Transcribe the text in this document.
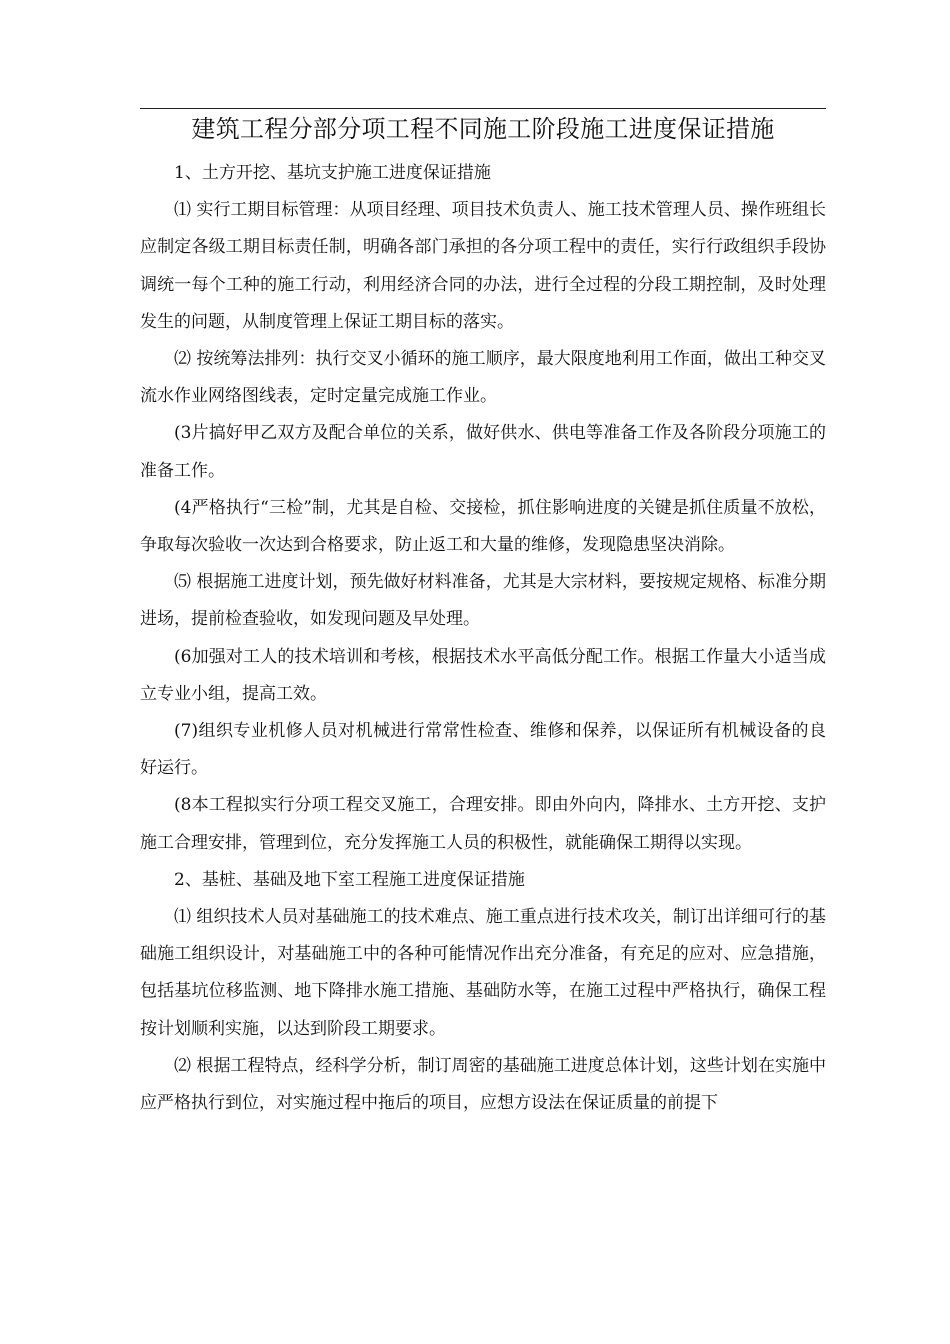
建筑工程分部分项工程不同施工阶段施工进度保证措施

1、土方开挖、基坑支护施工进度保证措施

⑴ 实行工期目标管理：从项目经理、项目技术负责人、施工技术管理人员、操作班组长应制定各级工期目标责任制，明确各部门承担的各分项工程中的责任，实行行政组织手段协调统一每个工种的施工行动，利用经济合同的办法，进行全过程的分段工期控制，及时处理发生的问题，从制度管理上保证工期目标的落实。

⑵ 按统筹法排列：执行交叉小循环的施工顺序，最大限度地利用工作面，做出工种交叉流水作业网络图线表，定时定量完成施工作业。

(3片搞好甲乙双方及配合单位的关系，做好供水、供电等准备工作及各阶段分项施工的准备工作。

(4严格执行“三检”制，尤其是自检、交接检，抓住影响进度的关键是抓住质量不放松，争取每次验收一次达到合格要求，防止返工和大量的维修，发现隐患坚决消除。

⑸ 根据施工进度计划，预先做好材料准备，尤其是大宗材料，要按规定规格、标准分期进场，提前检查验收，如发现问题及早处理。

(6加强对工人的技术培训和考核，根据技术水平高低分配工作。根据工作量大小适当成立专业小组，提高工效。

(7)组织专业机修人员对机械进行常常性检查、维修和保养，以保证所有机械设备的良好运行。

(8本工程拟实行分项工程交叉施工，合理安排。即由外向内，降排水、土方开挖、支护施工合理安排，管理到位，充分发挥施工人员的积极性，就能确保工期得以实现。

2、基桩、基础及地下室工程施工进度保证措施

⑴ 组织技术人员对基础施工的技术难点、施工重点进行技术攻关，制订出详细可行的基础施工组织设计，对基础施工中的各种可能情况作出充分准备，有充足的应对、应急措施，包括基坑位移监测、地下降排水施工措施、基础防水等，在施工过程中严格执行，确保工程按计划顺利实施，以达到阶段工期要求。

⑵ 根据工程特点，经科学分析，制订周密的基础施工进度总体计划，这些计划在实施中应严格执行到位，对实施过程中拖后的项目，应想方设法在保证质量的前提下
